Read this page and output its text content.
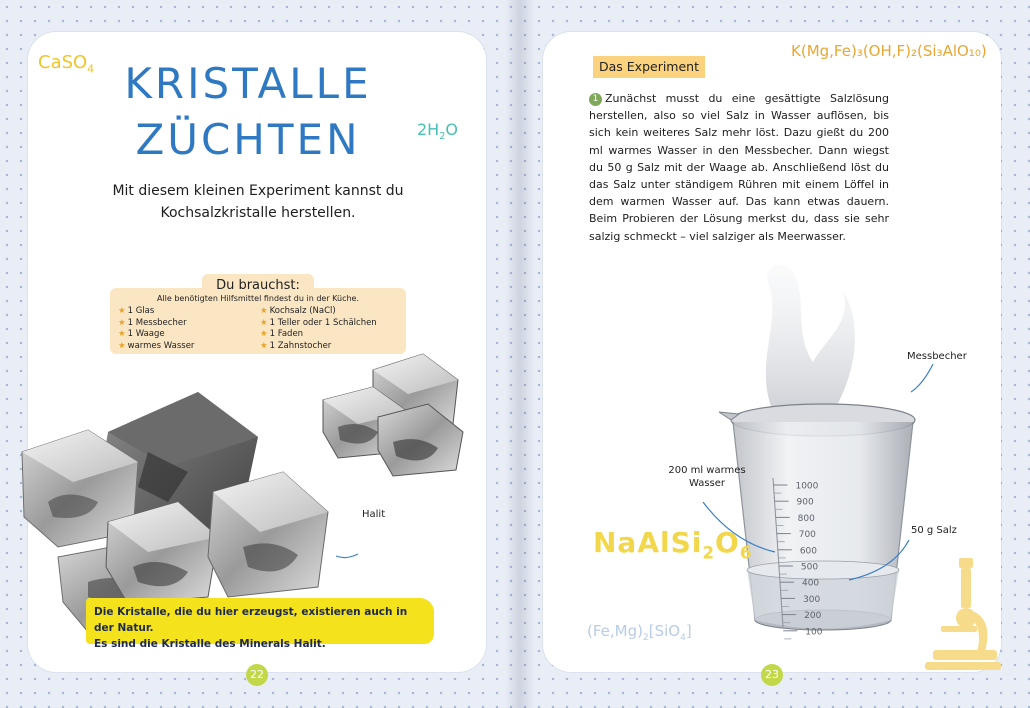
CaSO$_4$
$2H_2O$
KRISTALLE
ZÜCHTEN
Mit diesem kleinen Experiment kannst du
Kochsalzkristalle herstellen.
Du brauchst:
Alle benötigten Hilfsmittel findest du in der Küche.
★ 1 Glas
★ 1 Messbecher
★ 1 Waage
★ warmes Wasser
★ Kochsalz (NaCl)
★ 1 Teller oder 1 Schälchen
★ 1 Faden
★ 1 Zahnstocher
Halit
Die Kristalle, die du hier erzeugst, existieren auch in der Natur.
Es sind die Kristalle des Minerals Halit.
22
K(Mg,Fe)₃(OH,F)₂(Si₃AlO₁₀)
Das Experiment
1 Zunächst musst du eine gesättigte Salzlösung herstellen, also so viel Salz in Wasser auflösen, bis sich kein weiteres Salz mehr löst. Dazu gießt du 200 ml warmes Wasser in den Messbecher. Dann wiegst du 50 g Salz mit der Waage ab. Anschließend löst du das Salz unter ständigem Rühren mit einem Löffel in dem warmen Wasser auf. Das kann etwas dauern. Beim Probieren der Lösung merkst du, dass sie sehr salzig schmeckt – viel salziger als Meerwasser.

1000
900
800
700
600
500
400
300
200
100
Messbecher
200 ml warmes
Wasser
50 g Salz
$NaAlSi_2O_6$
$(Fe,Mg)_2[SiO_4]$
23
